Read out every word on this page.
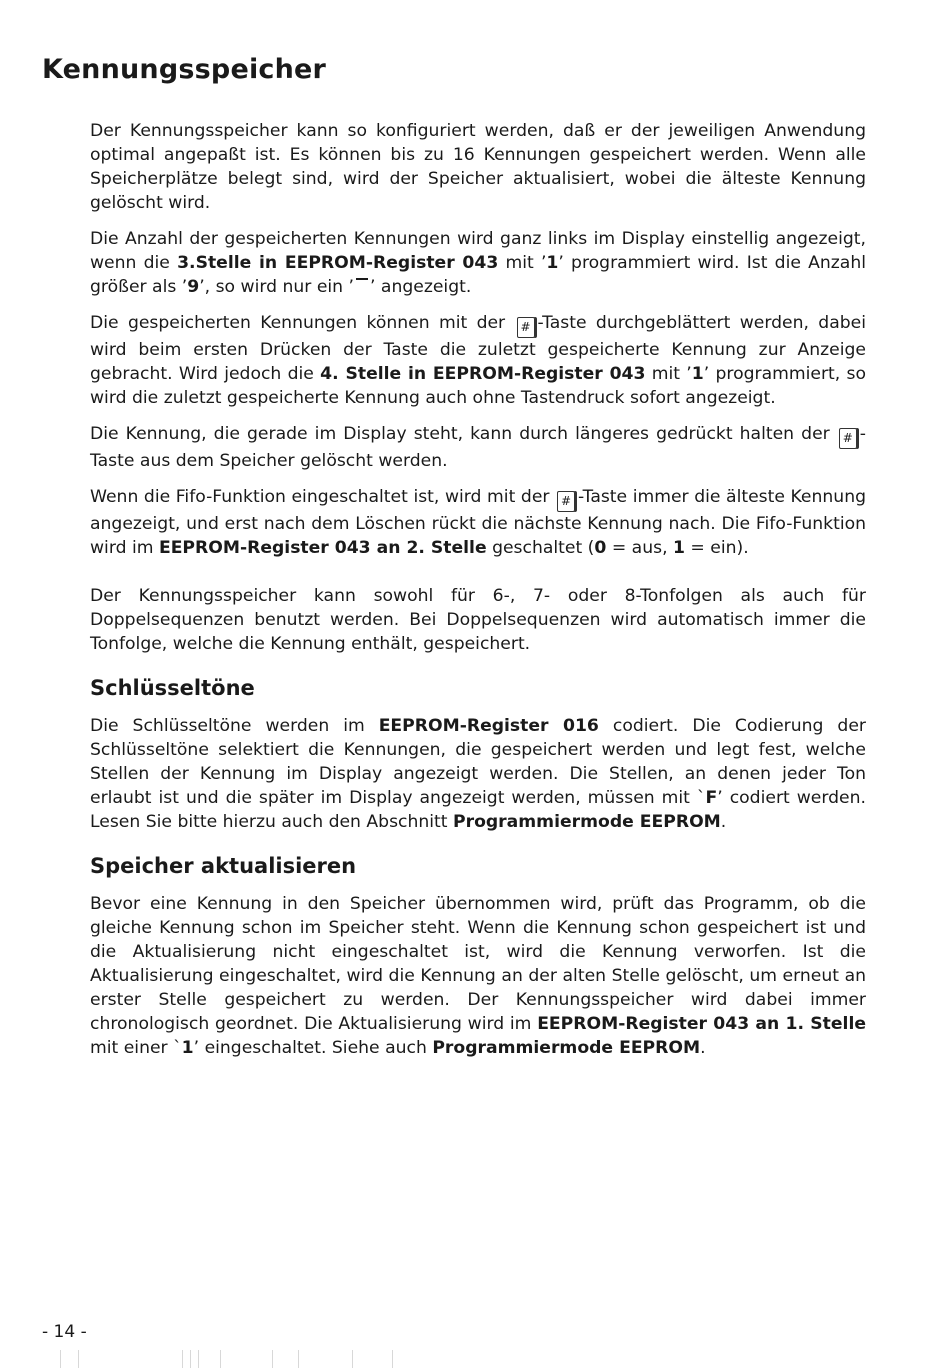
Kennungsspeicher

Der Kennungsspeicher kann so konfiguriert werden, daß er der jeweiligen Anwendung optimal angepaßt ist. Es können bis zu 16 Kennungen gespeichert werden. Wenn alle Speicherplätze belegt sind, wird der Speicher aktualisiert, wobei die älteste Kennung gelöscht wird.

Die Anzahl der gespeicherten Kennungen wird ganz links im Display einstellig angezeigt, wenn die 3.Stelle in EEPROM-Register 043 mit ’1’ programmiert wird. Ist die Anzahl größer als ’9’, so wird nur ein ’ ’ angezeigt.

Die gespeicherten Kennungen können mit der # -Taste durchgeblättert werden, dabei wird beim ersten Drücken der Taste die zuletzt gespeicherte Kennung zur Anzeige gebracht. Wird jedoch die 4. Stelle in EEPROM-Register 043 mit ’1’ programmiert, so wird die zuletzt gespeicherte Kennung auch ohne Tastendruck sofort angezeigt.

Die Kennung, die gerade im Display steht, kann durch längeres gedrückt halten der # -Taste aus dem Speicher gelöscht werden.

Wenn die Fifo-Funktion eingeschaltet ist, wird mit der # -Taste immer die älteste Kennung angezeigt, und erst nach dem Löschen rückt die nächste Kennung nach. Die Fifo-Funktion wird im EEPROM-Register 043 an 2. Stelle geschaltet (0 = aus, 1 = ein).

Der Kennungsspeicher kann sowohl für 6-, 7- oder 8-Tonfolgen als auch für Doppelsequenzen benutzt werden. Bei Doppelsequenzen wird automatisch immer die Tonfolge, welche die Kennung enthält, gespeichert.

Schlüsseltöne

Die Schlüsseltöne werden im EEPROM-Register 016 codiert. Die Codierung der Schlüsseltöne selektiert die Kennungen, die gespeichert werden und legt fest, welche Stellen der Kennung im Display angezeigt werden. Die Stellen, an denen jeder Ton erlaubt ist und die später im Display angezeigt werden, müssen mit `F’ codiert werden. Lesen Sie bitte hierzu auch den Abschnitt Programmiermode EEPROM.

Speicher aktualisieren

Bevor eine Kennung in den Speicher übernommen wird, prüft das Programm, ob die gleiche Kennung schon im Speicher steht. Wenn die Kennung schon gespeichert ist und die Aktualisierung nicht eingeschaltet ist, wird die Kennung verworfen. Ist die Aktualisierung eingeschaltet, wird die Kennung an der alten Stelle gelöscht, um erneut an erster Stelle gespeichert zu werden. Der Kennungsspeicher wird dabei immer chronologisch geordnet. Die Aktualisierung wird im EEPROM-Register 043 an 1. Stelle mit einer `1’ eingeschaltet. Siehe auch Programmiermode EEPROM.

- 14 -
